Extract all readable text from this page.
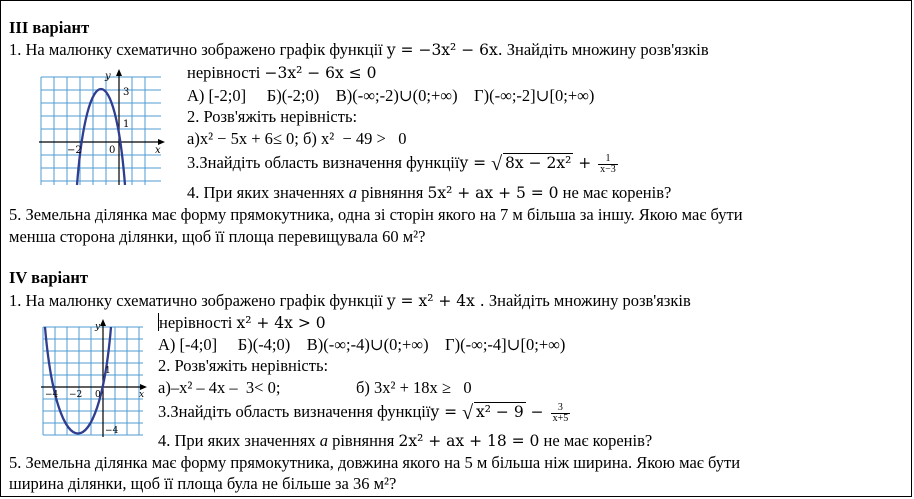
ІІІ варіант
1. На малюнку схематично зображено графік функції y = −3x² − 6x. Знайдіть множину розв'язків
нерівності −3x² − 6x ≤ 0
А) [-2;0]     Б)(-2;0)    В)(-∞;-2)∪(0;+∞)    Г)(-∞;-2]∪[0;+∞)
2. Розв'яжіть нерівність:
а)x² − 5x + 6≤ 0; б) x²  − 49 >   0
3.Знайдіть область визначення функціїy = √ $8x - 2x^2 + \frac{1}{x-3}$
4. При яких значеннях a рівняння 5x² + ax + 5 = 0 не має коренів?
5. Земельна ділянка має форму прямокутника, одна зі сторін якого на 7 м більша за іншу. Якою має бути
менша сторона ділянки, щоб її площа перевищувала 60 м²?
y
x
3
1
−2	0
ІV варіант
1. На малюнку схематично зображено графік функції y = x² + 4x . Знайдіть множину розв'язків
нерівності x² + 4x > 0
А) [-4;0]     Б)(-4;0)    В)(-∞;-4)∪(0;+∞)    Г)(-∞;-4]∪[0;+∞)
2. Розв'яжіть нерівність:
а)–x² – 4x –  3< 0;	б) 3x² + 18x ≥   0
3.Знайдіть область визначення функціїy = √ $x^2 - 9 - \frac{3}{x+5}$
4. При яких значеннях a рівняння 2x² + ax + 18 = 0 не має коренів?
5. Земельна ділянка має форму прямокутника, довжина якого на 5 м більша ніж ширина. Якою має бути
ширина ділянки, щоб її площа була не більше за 36 м²?
y
x
1
−4 −2 0
−4
